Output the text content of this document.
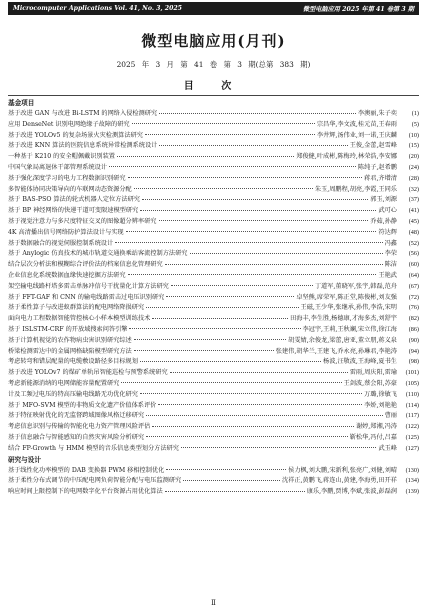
Microcomputer Applications Vol. 41, No. 3, 2025	微型电脑应用 2025 年第 41 卷第 3 期
微型电脑应用(月刊)
2025 年 3 月 第 41 卷 第 3 期(总第 383 期)
目 次
基金项目
基于改进 GAN 与改进 Bi-LSTM 的网络入侵检测研究	李澳丽,朱子奕	(1)
应用 DenseNet 识别电网绝缘子故障的研究	宗昌华,李文波,桂元苗,王春雨	(5)
基于改进 YOLOv5 的复杂场景火灾检测算法研究	李井辉,汤伟业,刘一诺,王庆麟	(10)
基于改进 KNN 算法的医院信息系统异常检测系统设计	王俊,金蕾,赵雪峰	(15)
一种基于 K210 的安全帽佩戴识别装置	郑俊健,叶成彬,陈梅玲,林荣浩,李安娜	(20)
中国气象局离退休干部管理系统设计	陈纯子,赵希鹏	(24)
基于强化深度学习的电力工程数据识别研究	蒋君,齐增清	(28)
多智能体协同决策导向的车联网动态资源分配	朱玉,周鹏程,胡亮,李霞,王同乐	(32)
基于 BAS-PSO 算法的轮式机器人定位方法研究	郭玉,刘源	(37)
基于 BP 神经网络的快递干道可变限速模型研究	武可心	(41)
基于视觉注意力与多尺度特征交叉的图像超分辨率研究	乔茹,孙静	(45)
4K 高清播出信号网络防护算法设计与实现	符达辉	(48)
基于数据融合的视觉伺服控制系统设计	冯鑫	(52)
基于 Anylogic 仿真技术的城市轨道交通换乘站客流控制方法研究	李荣	(56)
结合层次分析法和模糊综合评价法的档案信息化管理研究	陈洁	(60)
企业信息化系统数据血缘快速挖掘方法研究	王艳武	(64)
架空输电线路杆塔多雷击单脉冲信号干扰量化计算方法研究	丁道军,董晓军,张宇,韩磊,范舟	(67)
基于 FFT-GAF 和 CNN 的输电线路雷击过电压识别研究	卓坚熊,席荣军,陈正堂,陈俊彬,刘友强	(72)
基于柔性算子与改进蚁群算法的配电网络降损研究	王磁,王少华,张继承,孙伟,李浩,宋明	(76)
面向电力工程数据智能管控核心小样本模型训练技术	田海丰,李生胜,杨德康,才海多杰,刘舒宇	(82)
基于 ISLSTM-CRF 的开放域搜索问答引擎	李冠宇,王莉,王秋斓,宋立伟,徐江海	(86)
基于计算机视觉的农作物病虫害识别研究综述	胡雯婧,余俊龙,梁蕾,唐亚,董立朋,蒋义泉	(90)
桥梁检测雷达中的金属网格缺陷模型研究方法	张建伟,胡华兰,王建飞,乔永亮,孙琳君,李艳涛	(94)
考虑转弯和错层配量的电缆敷设路径多目标规划	杨波,汪敬波,王海峰,夏书生	(98)
基于改进 YOLOv7 的煤矿单轨吊智能巡检与预警系统研究	雷雨,周庆阳,雷瑜	(101)
考虑新能源消纳的电网储能容量配置研究	王剑波,蔡会阳,苏豪	(105)
计及工频过电压的特高压输电线路无功优化研究	万璐,徐敏飞	(110)
基于 MFO-SVM 模型的非物质文化遗产价值体系评价	李娇,刘艳艳	(114)
基于特征映射优化的无监督跨域图像风格迁移研究	曹丽	(117)
考虑信息识别与传输的智能化电力资产管理风险评估	谢婷,郑湘,冯涛	(122)
基于信息融合与智能感知的自然灾害风险分析研究	靳松华,冯付,吕嘉	(125)
结合 FP-Growth 与 HMM 模型的音乐信息类型划分方法研究	武玉峰	(127)
研究与设计
基于线性化功率模型的 DAB 变换器 PWM 移相控制优化	侯力枫,刘大鹏,宋新利,张亮广,刘健,刘晴	(130)
基于柔性分布式调节的中压配电网负荷智能分配与电压监测研究	沈祥正,黄鹏飞,蒋连山,黄建,李海勇,田开祥	(134)
响应时间上限控制下的电网数字化平台资源占用优化算法	康乐,李鹏,贾博,李斌,张波,彭磊润	(139)
Ⅱ
